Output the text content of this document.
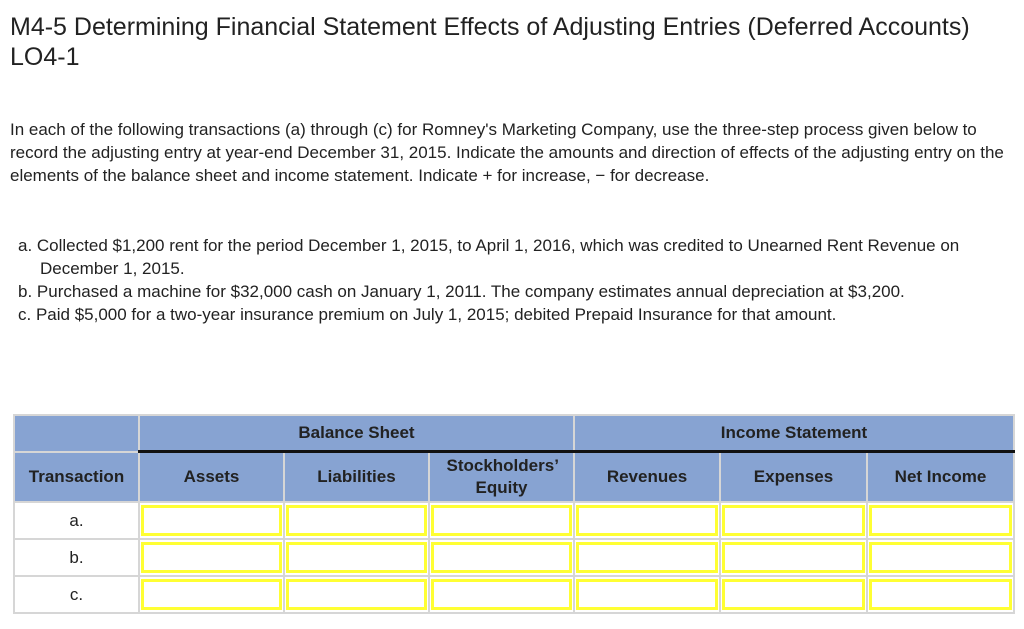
M4-5 Determining Financial Statement Effects of Adjusting Entries (Deferred Accounts) LO4-1

In each of the following transactions (a) through (c) for Romney's Marketing Company, use the three-step process given below to record the adjusting entry at year-end December 31, 2015. Indicate the amounts and direction of effects of the adjusting entry on the elements of the balance sheet and income statement. Indicate + for increase, − for decrease.

a. Collected $1,200 rent for the period December 1, 2015, to April 1, 2016, which was credited to Unearned Rent Revenue on December 1, 2015.
b. Purchased a machine for $32,000 cash on January 1, 2011. The company estimates annual depreciation at $3,200.
c. Paid $5,000 for a two-year insurance premium on July 1, 2015; debited Prepaid Insurance for that amount.
	Balance Sheet			Income Statement		
Transaction	Assets	Liabilities	Stockholders’ Equity	Revenues	Expenses	Net Income
a.						
b.						
c.						
